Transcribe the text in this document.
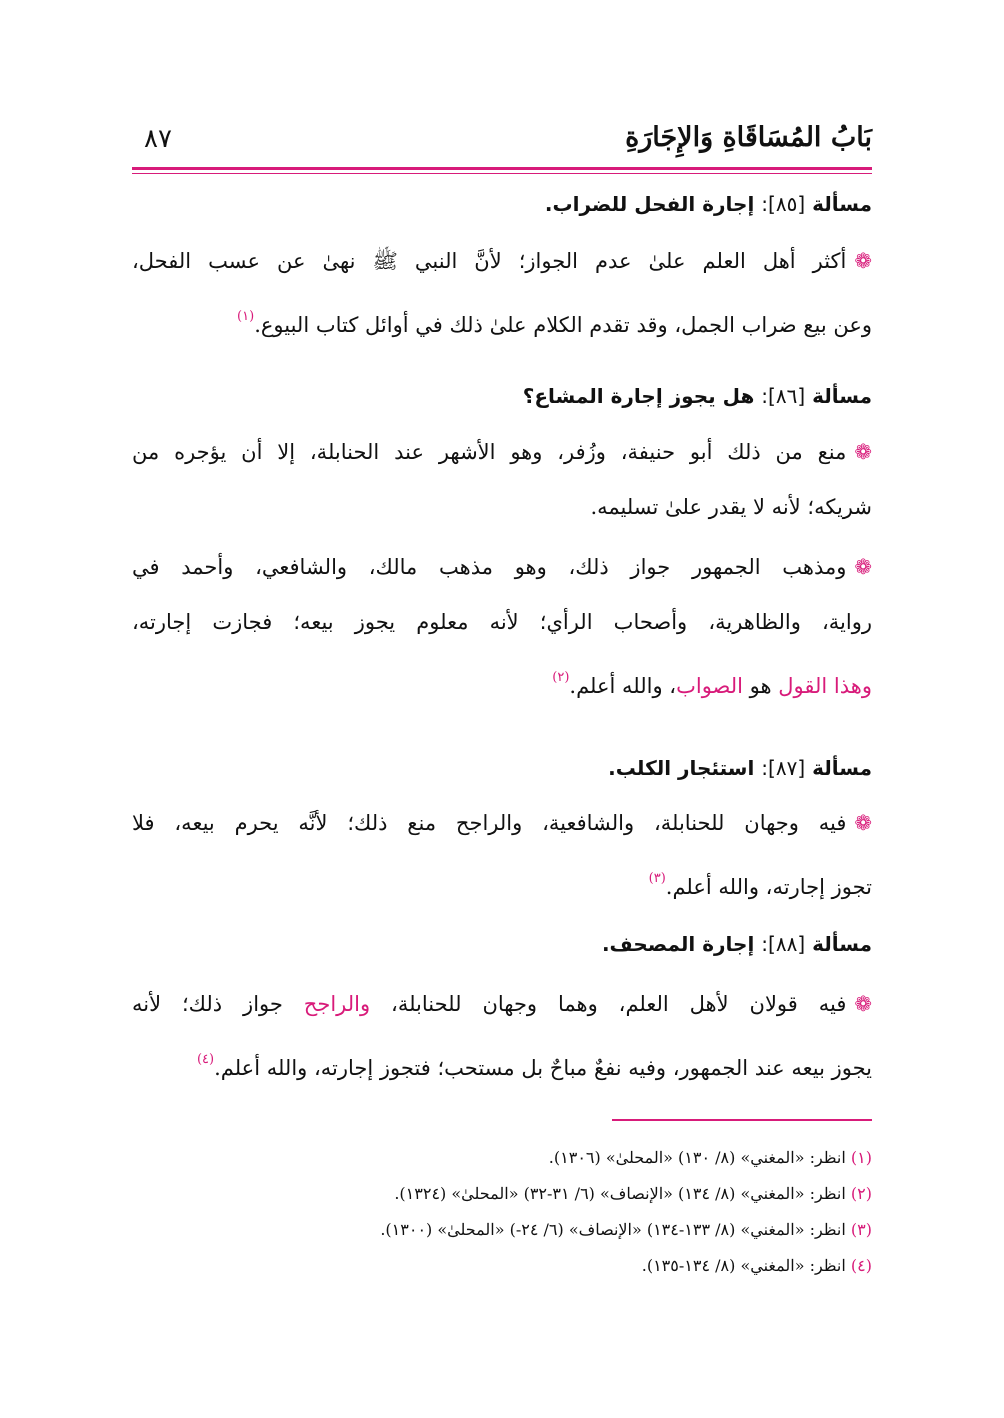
بَابُ المُسَاقَاةِ وَالإِجَارَةِ
٨٧
مسألة [٨٥]: إجارة الفحل للضراب.
❁أكثر أهل العلم علىٰ عدم الجواز؛ لأنَّ النبي ﷺ نهىٰ عن عسب الفحل،
وعن بيع ضراب الجمل، وقد تقدم الكلام علىٰ ذلك في أوائل كتاب البيوع.$^{(١)}$
مسألة [٨٦]: هل يجوز إجارة المشاع؟
❁منع من ذلك أبو حنيفة، وزُفر، وهو الأشهر عند الحنابلة، إلا أن يؤجره من
شريكه؛ لأنه لا يقدر علىٰ تسليمه.
❁ومذهب الجمهور جواز ذلك، وهو مذهب مالك، والشافعي، وأحمد في
رواية، والظاهرية، وأصحاب الرأي؛ لأنه معلوم يجوز بيعه؛ فجازت إجارته،
وهذا القول هو الصواب، والله أعلم.$^{(٢)}$
مسألة [٨٧]: استئجار الكلب.
❁فيه وجهان للحنابلة، والشافعية، والراجح منع ذلك؛ لأنَّه يحرم بيعه، فلا
تجوز إجارته، والله أعلم.$^{(٣)}$
مسألة [٨٨]: إجارة المصحف.
❁فيه قولان لأهل العلم، وهما وجهان للحنابلة، والراجح جواز ذلك؛ لأنه
يجوز بيعه عند الجمهور، وفيه نفعٌ مباحٌ بل مستحب؛ فتجوز إجارته، والله أعلم.$^{(٤)}$
(١) انظر: «المغني» (٨/ ١٣٠) «المحلىٰ» (١٣٠٦).
(٢) انظر: «المغني» (٨/ ١٣٤) «الإنصاف» (٦/ ٣١-٣٢) «المحلىٰ» (١٣٢٤).
(٣) انظر: «المغني» (٨/ ١٣٣-١٣٤) «الإنصاف» (٦/ ٢٤-) «المحلىٰ» (١٣٠٠).
(٤) انظر: «المغني» (٨/ ١٣٤-١٣٥).
